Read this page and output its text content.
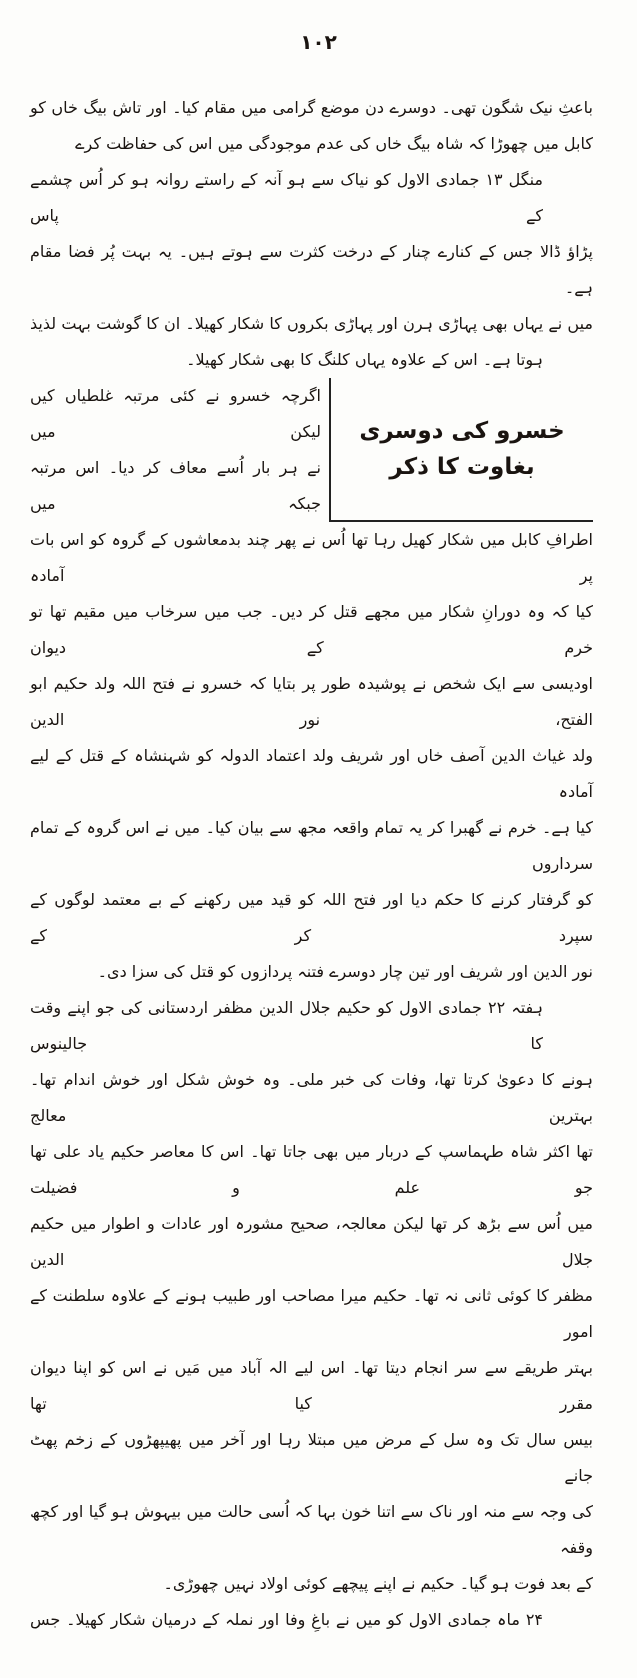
١٠٢
باعثِ نیک شگون تھی۔ دوسرے دن موضع گرامی میں مقام کیا۔ اور تاش بیگ خاں کو
کابل میں چھوڑا کہ شاہ بیگ خاں کی عدم موجودگی میں اس کی حفاظت کرے
منگل ۱۳ جمادی الاول کو نیاک سے ہو آنہ کے راستے روانہ ہو کر اُس چشمے کے پاس
پڑاؤ ڈالا جس کے کنارے چنار کے درخت کثرت سے ہوتے ہیں۔ یہ بہت پُر فضا مقام ہے۔
میں نے یہاں بھی پہاڑی ہرن اور پہاڑی بکروں کا شکار کھیلا۔ ان کا گوشت بہت لذیذ
ہوتا ہے۔ اس کے علاوہ یہاں کلنگ کا بھی شکار کھیلا۔
خسرو کی دوسری بغاوت کا ذکر
اگرچہ خسرو نے کئی مرتبہ غلطیاں کیں لیکن میں
نے ہر بار اُسے معاف کر دیا۔ اس مرتبہ جبکہ میں
اطرافِ کابل میں شکار کھیل رہا تھا اُس نے پھر چند بدمعاشوں کے گروہ کو اس بات پر آمادہ
کیا کہ وہ دورانِ شکار میں مجھے قتل کر دیں۔ جب میں سرخاب میں مقیم تھا تو خرم کے دیوان
اودیسی سے ایک شخص نے پوشیدہ طور پر بتایا کہ خسرو نے فتح اللہ ولد حکیم ابو الفتح، نور الدین
ولد غیاث الدین آصف خاں اور شریف ولد اعتماد الدولہ کو شہنشاہ کے قتل کے لیے آمادہ
کیا ہے۔ خرم نے گھبرا کر یہ تمام واقعہ مجھ سے بیان کیا۔ میں نے اس گروہ کے تمام سرداروں
کو گرفتار کرنے کا حکم دیا اور فتح اللہ کو قید میں رکھنے کے بے معتمد لوگوں کے سپرد کر کے
نور الدین اور شریف اور تین چار دوسرے فتنہ پردازوں کو قتل کی سزا دی۔
ہفتہ ۲۲ جمادی الاول کو حکیم جلال الدین مظفر اردستانی کی جو اپنے وقت کا جالینوس
ہونے کا دعویٰ کرتا تھا، وفات کی خبر ملی۔ وہ خوش شکل اور خوش اندام تھا۔ بہترین معالج
تھا اکثر شاہ طہماسپ کے دربار میں بھی جاتا تھا۔ اس کا معاصر حکیم یاد علی تھا جو علم و فضیلت
میں اُس سے بڑھ کر تھا لیکن معالجہ، صحیح مشورہ اور عادات و اطوار میں حکیم جلال الدین
مظفر کا کوئی ثانی نہ تھا۔ حکیم میرا مصاحب اور طبیب ہونے کے علاوہ سلطنت کے امور
بہتر طریقے سے سر انجام دیتا تھا۔ اس لیے الہ آباد میں مَیں نے اس کو اپنا دیوان مقرر کیا تھا
بیس سال تک وہ سل کے مرض میں مبتلا رہا اور آخر میں پھیپھڑوں کے زخم پھٹ جانے
کی وجہ سے منہ اور ناک سے اتنا خون بہا کہ اُسی حالت میں بیہوش ہو گیا اور کچھ وقفہ
کے بعد فوت ہو گیا۔ حکیم نے اپنے پیچھے کوئی اولاد نہیں چھوڑی۔
۲۴ ماہ جمادی الاول کو میں نے باغِ وفا اور نملہ کے درمیان شکار کھیلا۔ جس
